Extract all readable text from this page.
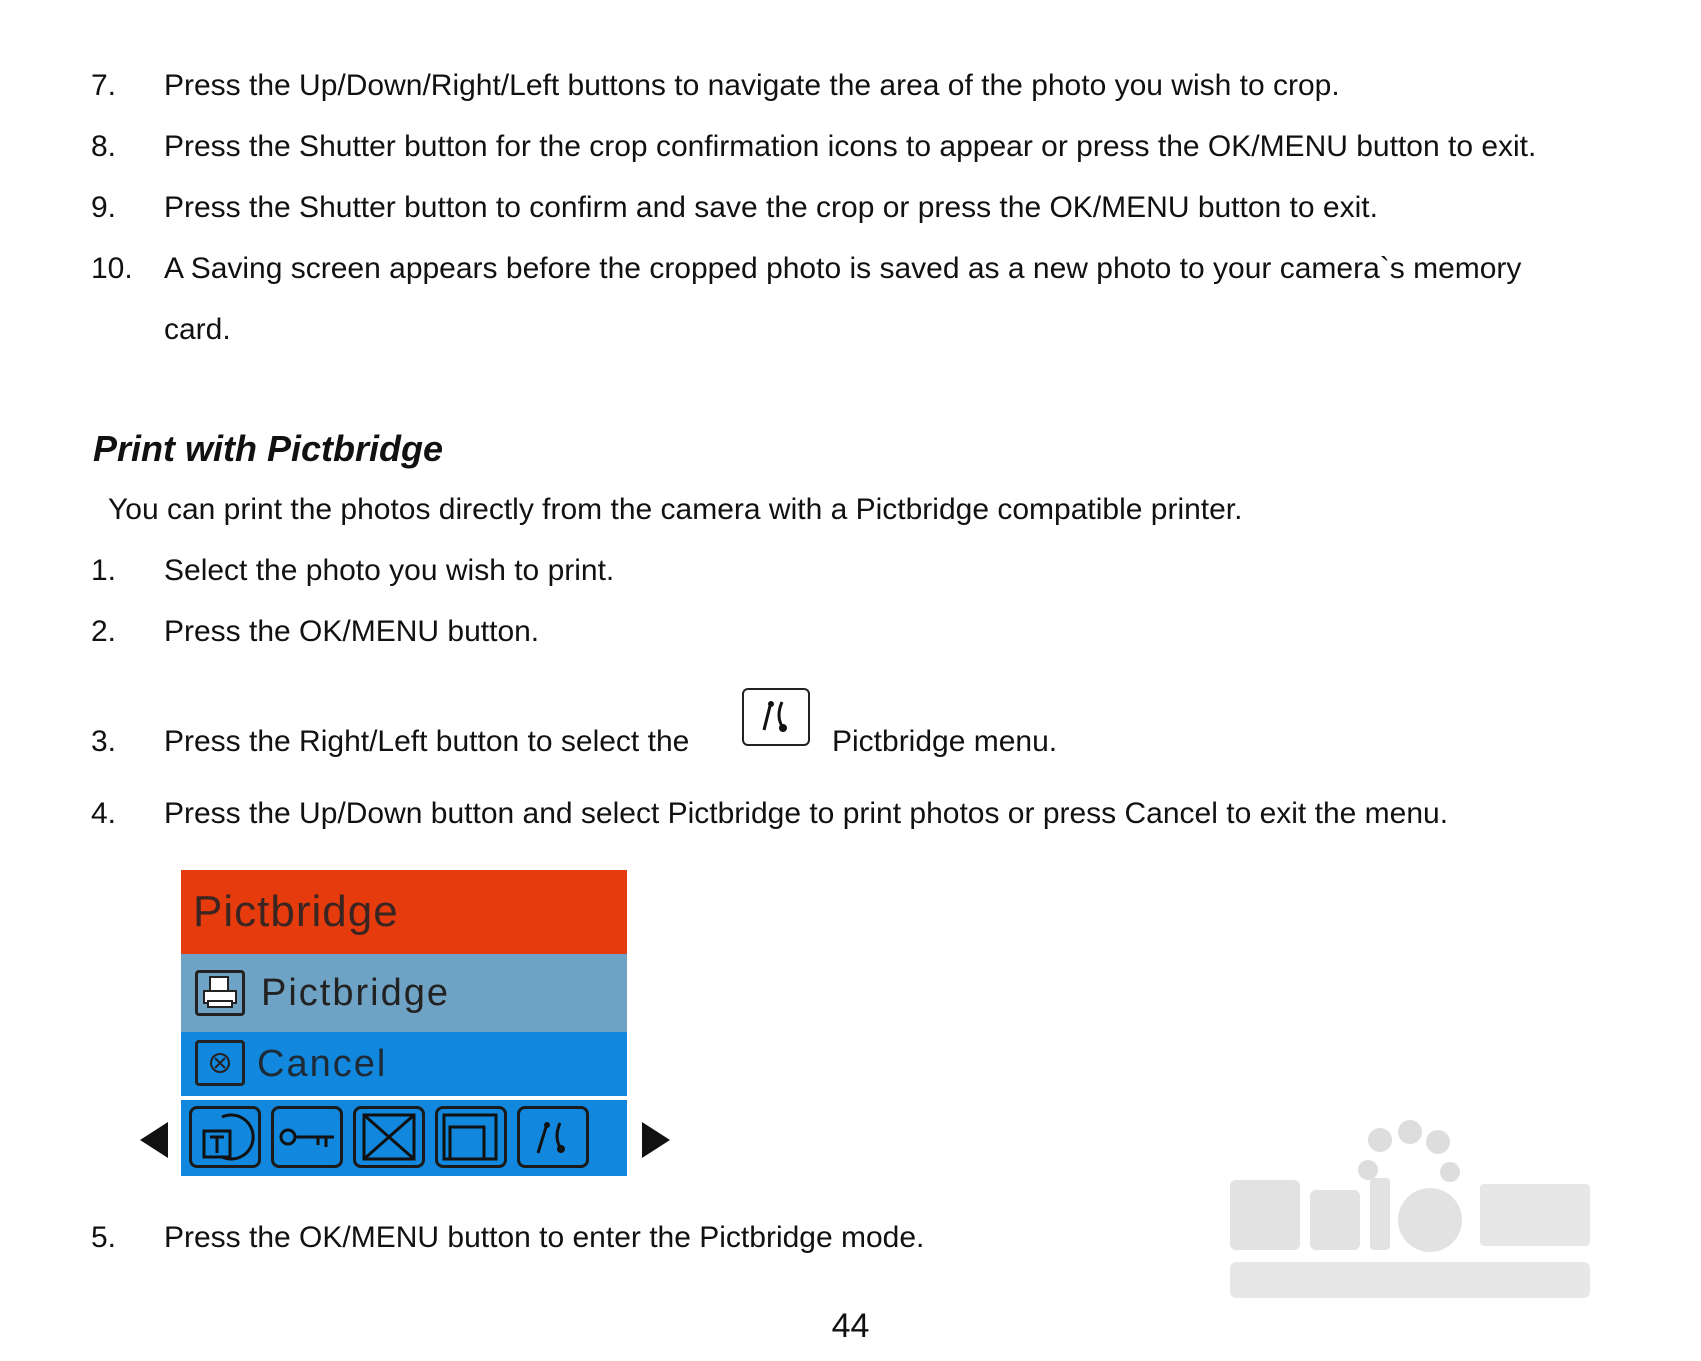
7. Press the Up/Down/Right/Left buttons to navigate the area of the photo you wish to crop.
8. Press the Shutter button for the crop confirmation icons to appear or press the OK/MENU button to exit.
9. Press the Shutter button to confirm and save the crop or press the OK/MENU button to exit.
10. A Saving screen appears before the cropped photo is saved as a new photo to your camera`s memory
card.
Print with Pictbridge
You can print the photos directly from the camera with a Pictbridge compatible printer.
1. Select the photo you wish to print.
2. Press the OK/MENU button.
3. Press the Right/Left button to select the	Pictbridge menu.
4. Press the Up/Down button and select Pictbridge to print photos or press Cancel to exit the menu.
Pictbridge
Pictbridge
Cancel
5. Press the OK/MENU button to enter the Pictbridge mode.
44
